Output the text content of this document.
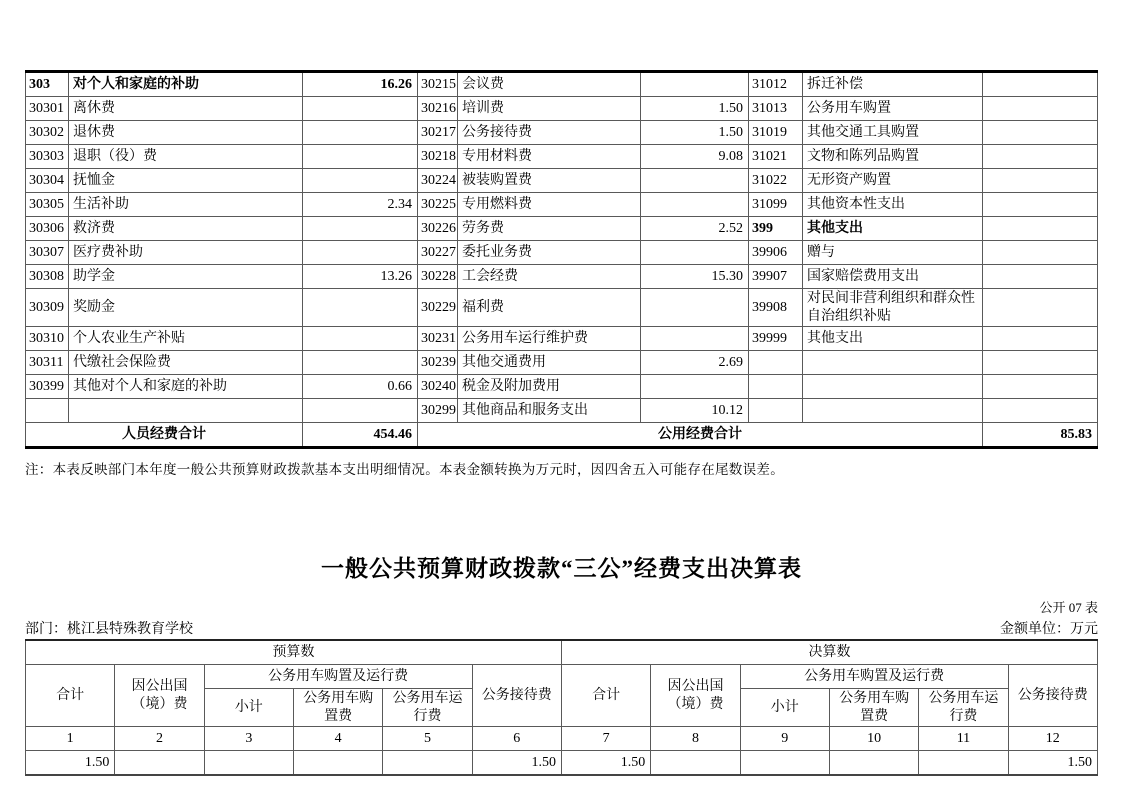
303	对个人和家庭的补助	16.26	30215	会议费		31012	拆迁补偿	
30301	离休费		30216	培训费	1.50	31013	公务用车购置	
30302	退休费		30217	公务接待费	1.50	31019	其他交通工具购置	
30303	退职（役）费		30218	专用材料费	9.08	31021	文物和陈列品购置	
30304	抚恤金		30224	被装购置费		31022	无形资产购置	
30305	生活补助	2.34	30225	专用燃料费		31099	其他资本性支出	
30306	救济费		30226	劳务费	2.52	399	其他支出	
30307	医疗费补助		30227	委托业务费		39906	赠与	
30308	助学金	13.26	30228	工会经费	15.30	39907	国家赔偿费用支出	
30309	奖励金		30229	福利费		39908	对民间非营利组织和群众性自治组织补贴	
30310	个人农业生产补贴		30231	公务用车运行维护费		39999	其他支出	
30311	代缴社会保险费		30239	其他交通费用	2.69			
30399	其他对个人和家庭的补助	0.66	30240	税金及附加费用				
			30299	其他商品和服务支出	10.12			
人员经费合计		454.46	公用经费合计					85.83
注：本表反映部门本年度一般公共预算财政拨款基本支出明细情况。本表金额转换为万元时，因四舍五入可能存在尾数误差。
一般公共预算财政拨款“三公”经费支出决算表
公开 07 表
部门：桃江县特殊教育学校	金额单位：万元
预算数						决算数					
合计	因公出国（境）费	公务用车购置及运行费			公务接待费	合计	因公出国（境）费	公务用车购置及运行费			公务接待费
		小计	公务用车购置费	公务用车运行费				小计	公务用车购置费	公务用车运行费	
1	2	3	4	5	6	7	8	9	10	11	12
1.50					1.50	1.50					1.50
